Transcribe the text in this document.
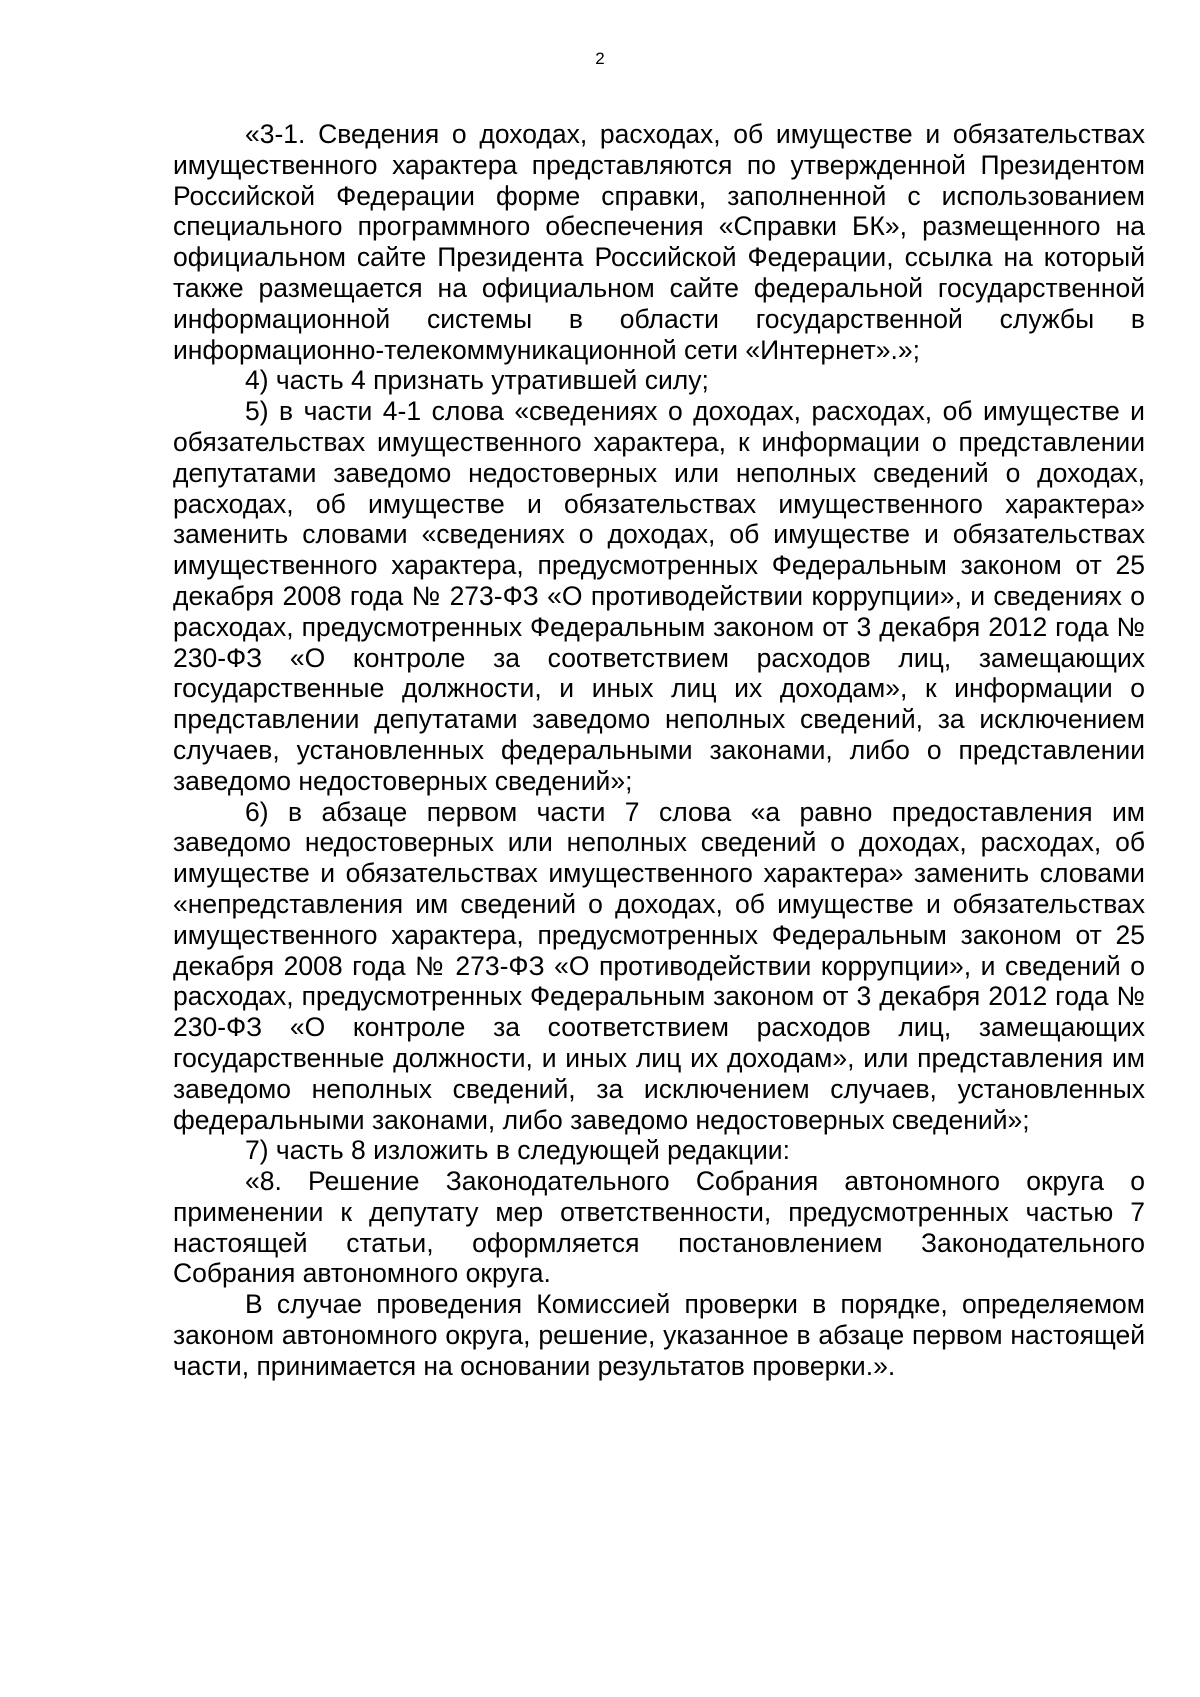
2

«3-1. Сведения о доходах, расходах, об имуществе и обязательствах имущественного характера представляются по утвержденной Президентом Российской Федерации форме справки, заполненной с использованием специального программного обеспечения «Справки БК», размещенного на официальном сайте Президента Российской Федерации, ссылка на который также размещается на официальном сайте федеральной государственной информационной системы в области государственной службы в информационно-телекоммуникационной сети «Интернет».»;

4) часть 4 признать утратившей силу;

5) в части 4-1 слова «сведениях о доходах, расходах, об имуществе и обязательствах имущественного характера, к информации о представлении депутатами заведомо недостоверных или неполных сведений о доходах, расходах, об имуществе и обязательствах имущественного характера» заменить словами «сведениях о доходах, об имуществе и обязательствах имущественного характера, предусмотренных Федеральным законом от 25 декабря 2008 года № 273-ФЗ «О противодействии коррупции», и сведениях о расходах, предусмотренных Федеральным законом от 3 декабря 2012 года № 230-ФЗ «О контроле за соответствием расходов лиц, замещающих государственные должности, и иных лиц их доходам», к информации о представлении депутатами заведомо неполных сведений, за исключением случаев, установленных федеральными законами, либо о представлении заведомо недостоверных сведений»;

6) в абзаце первом части 7 слова «а равно предоставления им заведомо недостоверных или неполных сведений о доходах, расходах, об имуществе и обязательствах имущественного характера» заменить словами «непредставления им сведений о доходах, об имуществе и обязательствах имущественного характера, предусмотренных Федеральным законом от 25 декабря 2008 года № 273-ФЗ «О противодействии коррупции», и сведений о расходах, предусмотренных Федеральным законом от 3 декабря 2012 года № 230-ФЗ «О контроле за соответствием расходов лиц, замещающих государственные должности, и иных лиц их доходам», или представления им заведомо неполных сведений, за исключением случаев, установленных федеральными законами, либо заведомо недостоверных сведений»;

7) часть 8 изложить в следующей редакции:

«8. Решение Законодательного Собрания автономного округа о применении к депутату мер ответственности, предусмотренных частью 7 настоящей статьи, оформляется постановлением Законодательного Собрания автономного округа.

В случае проведения Комиссией проверки в порядке, определяемом законом автономного округа, решение, указанное в абзаце первом настоящей части, принимается на основании результатов проверки.».
